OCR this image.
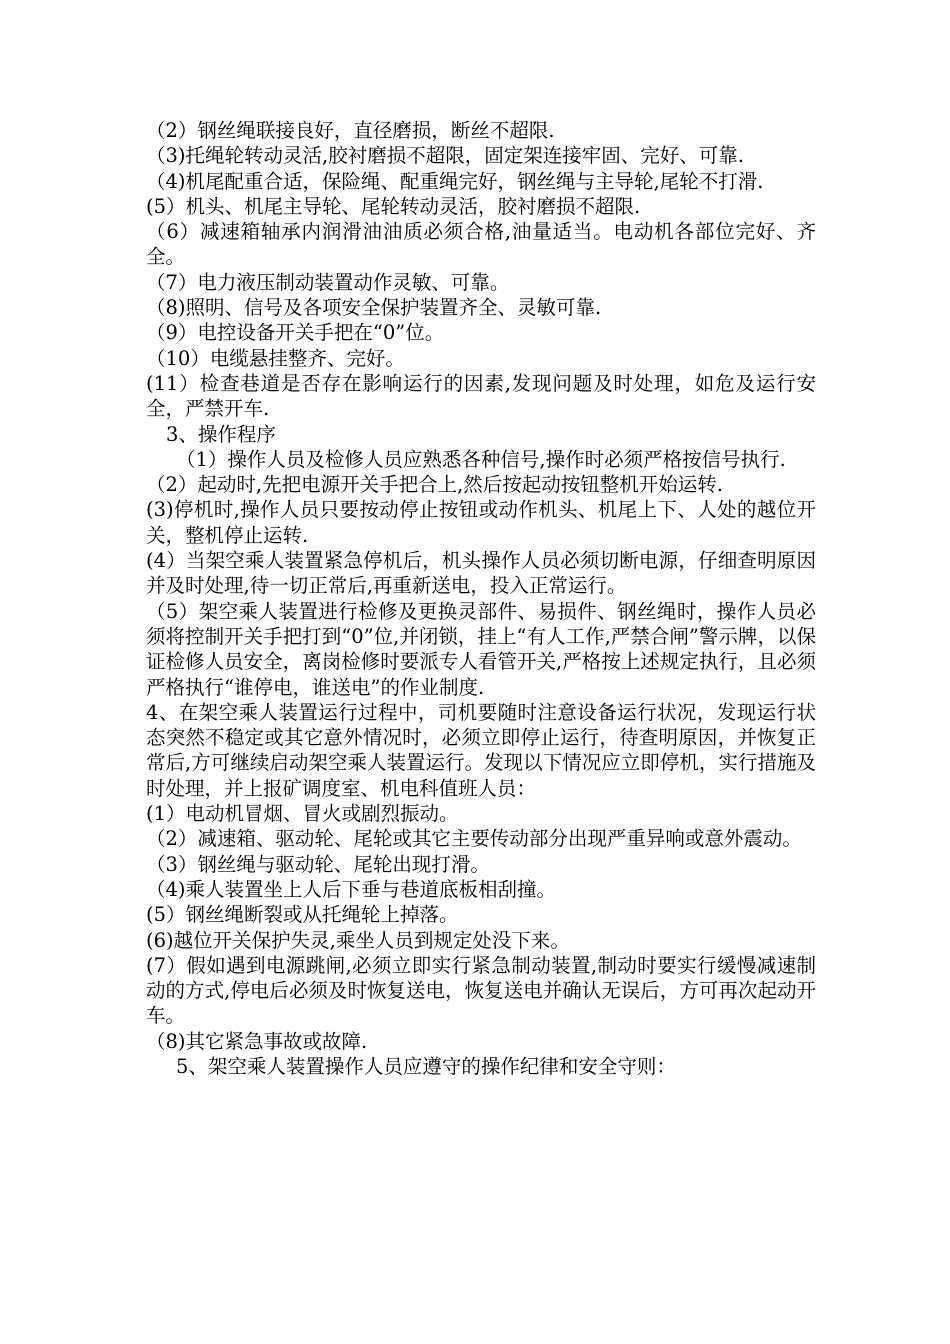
（2）钢丝绳联接良好，直径磨损，断丝不超限.

（3)托绳轮转动灵活,胶衬磨损不超限，固定架连接牢固、完好、可靠.

（4)机尾配重合适，保险绳、配重绳完好，钢丝绳与主导轮,尾轮不打滑.

(5）机头、机尾主导轮、尾轮转动灵活，胶衬磨损不超限.

（6）减速箱轴承内润滑油油质必须合格,油量适当。电动机各部位完好、齐全。

（7）电力液压制动装置动作灵敏、可靠。

（8)照明、信号及各项安全保护装置齐全、灵敏可靠.

（9）电控设备开关手把在“0”位。

（10）电缆悬挂整齐、完好。

(11）检查巷道是否存在影响运行的因素,发现问题及时处理，如危及运行安全，严禁开车.

3、操作程序

（1）操作人员及检修人员应熟悉各种信号,操作时必须严格按信号执行.

（2）起动时,先把电源开关手把合上,然后按起动按钮整机开始运转.

(3)停机时,操作人员只要按动停止按钮或动作机头、机尾上下、人处的越位开关，整机停止运转.

(4）当架空乘人装置紧急停机后，机头操作人员必须切断电源，仔细查明原因并及时处理,待一切正常后,再重新送电，投入正常运行。

（5）架空乘人装置进行检修及更换灵部件、易损件、钢丝绳时，操作人员必须将控制开关手把打到“0”位,并闭锁，挂上“有人工作,严禁合闸”警示牌，以保证检修人员安全，离岗检修时要派专人看管开关,严格按上述规定执行，且必须严格执行“谁停电，谁送电”的作业制度.

4、在架空乘人装置运行过程中，司机要随时注意设备运行状况，发现运行状态突然不稳定或其它意外情况时，必须立即停止运行，待查明原因，并恢复正常后,方可继续启动架空乘人装置运行。发现以下情况应立即停机，实行措施及时处理，并上报矿调度室、机电科值班人员：

(1）电动机冒烟、冒火或剧烈振动。

（2）减速箱、驱动轮、尾轮或其它主要传动部分出现严重异响或意外震动。

（3）钢丝绳与驱动轮、尾轮出现打滑。

（4)乘人装置坐上人后下垂与巷道底板相刮撞。

(5）钢丝绳断裂或从托绳轮上掉落。

(6)越位开关保护失灵,乘坐人员到规定处没下来。

(7）假如遇到电源跳闸,必须立即实行紧急制动装置,制动时要实行缓慢减速制动的方式,停电后必须及时恢复送电，恢复送电并确认无误后，方可再次起动开车。

（8)其它紧急事故或故障.

5、架空乘人装置操作人员应遵守的操作纪律和安全守则：
